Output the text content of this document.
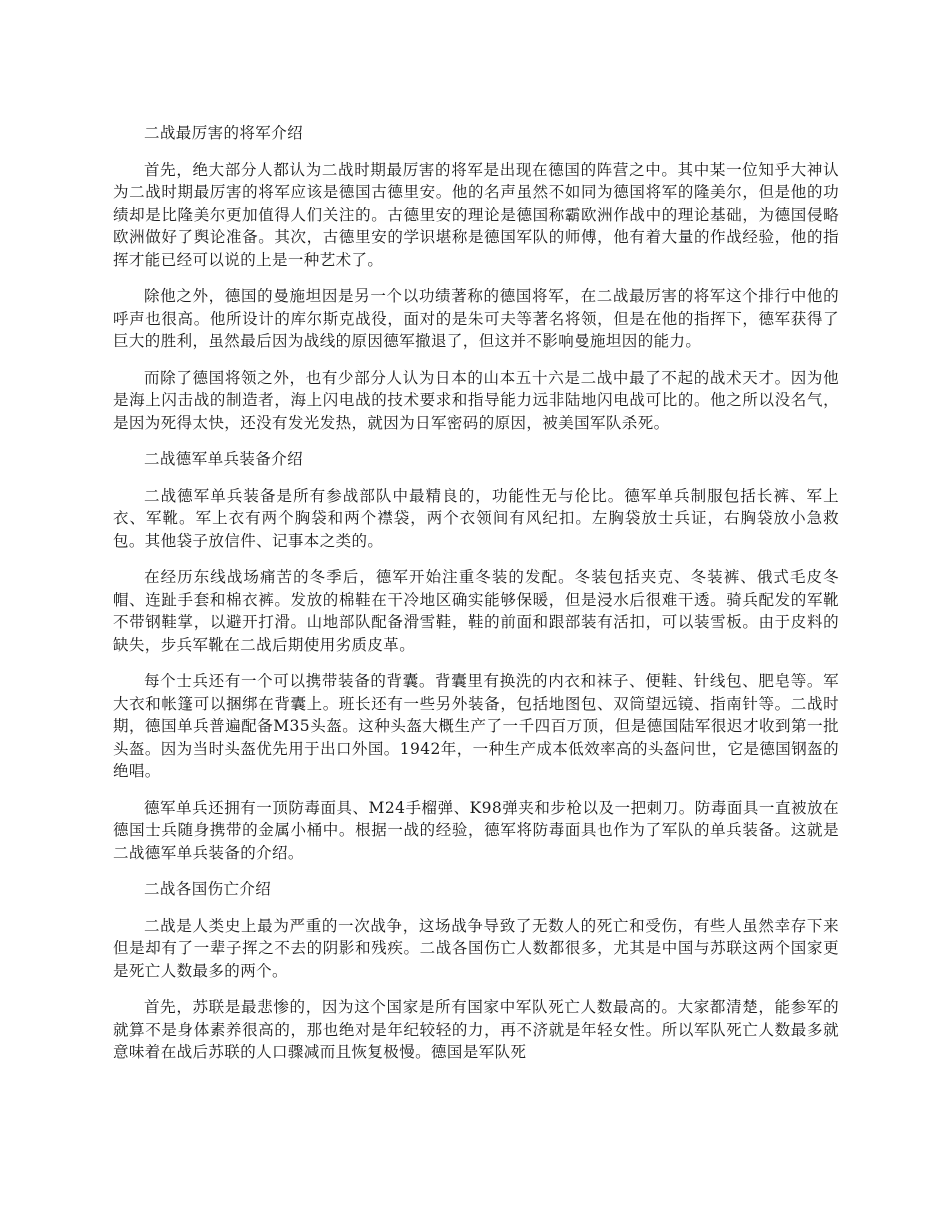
二战最厉害的将军介绍

首先，绝大部分人都认为二战时期最厉害的将军是出现在德国的阵营之中。其中某一位知乎大神认为二战时期最厉害的将军应该是德国古德里安。他的名声虽然不如同为德国将军的隆美尔，但是他的功绩却是比隆美尔更加值得人们关注的。古德里安的理论是德国称霸欧洲作战中的理论基础，为德国侵略欧洲做好了舆论准备。其次，古德里安的学识堪称是德国军队的师傅，他有着大量的作战经验，他的指挥才能已经可以说的上是一种艺术了。

除他之外，德国的曼施坦因是另一个以功绩著称的德国将军，在二战最厉害的将军这个排行中他的呼声也很高。他所设计的库尔斯克战役，面对的是朱可夫等著名将领，但是在他的指挥下，德军获得了巨大的胜利，虽然最后因为战线的原因德军撤退了，但这并不影响曼施坦因的能力。

而除了德国将领之外，也有少部分人认为日本的山本五十六是二战中最了不起的战术天才。因为他是海上闪击战的制造者，海上闪电战的技术要求和指导能力远非陆地闪电战可比的。他之所以没名气，是因为死得太快，还没有发光发热，就因为日军密码的原因，被美国军队杀死。

二战德军单兵装备介绍

二战德军单兵装备是所有参战部队中最精良的，功能性无与伦比。德军单兵制服包括长裤、军上衣、军靴。军上衣有两个胸袋和两个襟袋，两个衣领间有风纪扣。左胸袋放士兵证，右胸袋放小急救包。其他袋子放信件、记事本之类的。

在经历东线战场痛苦的冬季后，德军开始注重冬装的发配。冬装包括夹克、冬装裤、俄式毛皮冬帽、连趾手套和棉衣裤。发放的棉鞋在干冷地区确实能够保暖，但是浸水后很难干透。骑兵配发的军靴不带钢鞋掌，以避开打滑。山地部队配备滑雪鞋，鞋的前面和跟部装有活扣，可以装雪板。由于皮料的缺失，步兵军靴在二战后期使用劣质皮革。

每个士兵还有一个可以携带装备的背囊。背囊里有换洗的内衣和袜子、便鞋、针线包、肥皂等。军大衣和帐篷可以捆绑在背囊上。班长还有一些另外装备，包括地图包、双筒望远镜、指南针等。二战时期，德国单兵普遍配备M35头盔。这种头盔大概生产了一千四百万顶，但是德国陆军很迟才收到第一批头盔。因为当时头盔优先用于出口外国。1942年，一种生产成本低效率高的头盔问世，它是德国钢盔的绝唱。

德军单兵还拥有一顶防毒面具、M24手榴弹、K98弹夹和步枪以及一把刺刀。防毒面具一直被放在德国士兵随身携带的金属小桶中。根据一战的经验，德军将防毒面具也作为了军队的单兵装备。这就是二战德军单兵装备的介绍。

二战各国伤亡介绍

二战是人类史上最为严重的一次战争，这场战争导致了无数人的死亡和受伤，有些人虽然幸存下来但是却有了一辈子挥之不去的阴影和残疾。二战各国伤亡人数都很多，尤其是中国与苏联这两个国家更是死亡人数最多的两个。

首先，苏联是最悲惨的，因为这个国家是所有国家中军队死亡人数最高的。大家都清楚，能参军的就算不是身体素养很高的，那也绝对是年纪较轻的力，再不济就是年轻女性。所以军队死亡人数最多就意味着在战后苏联的人口骤减而且恢复极慢。德国是军队死
